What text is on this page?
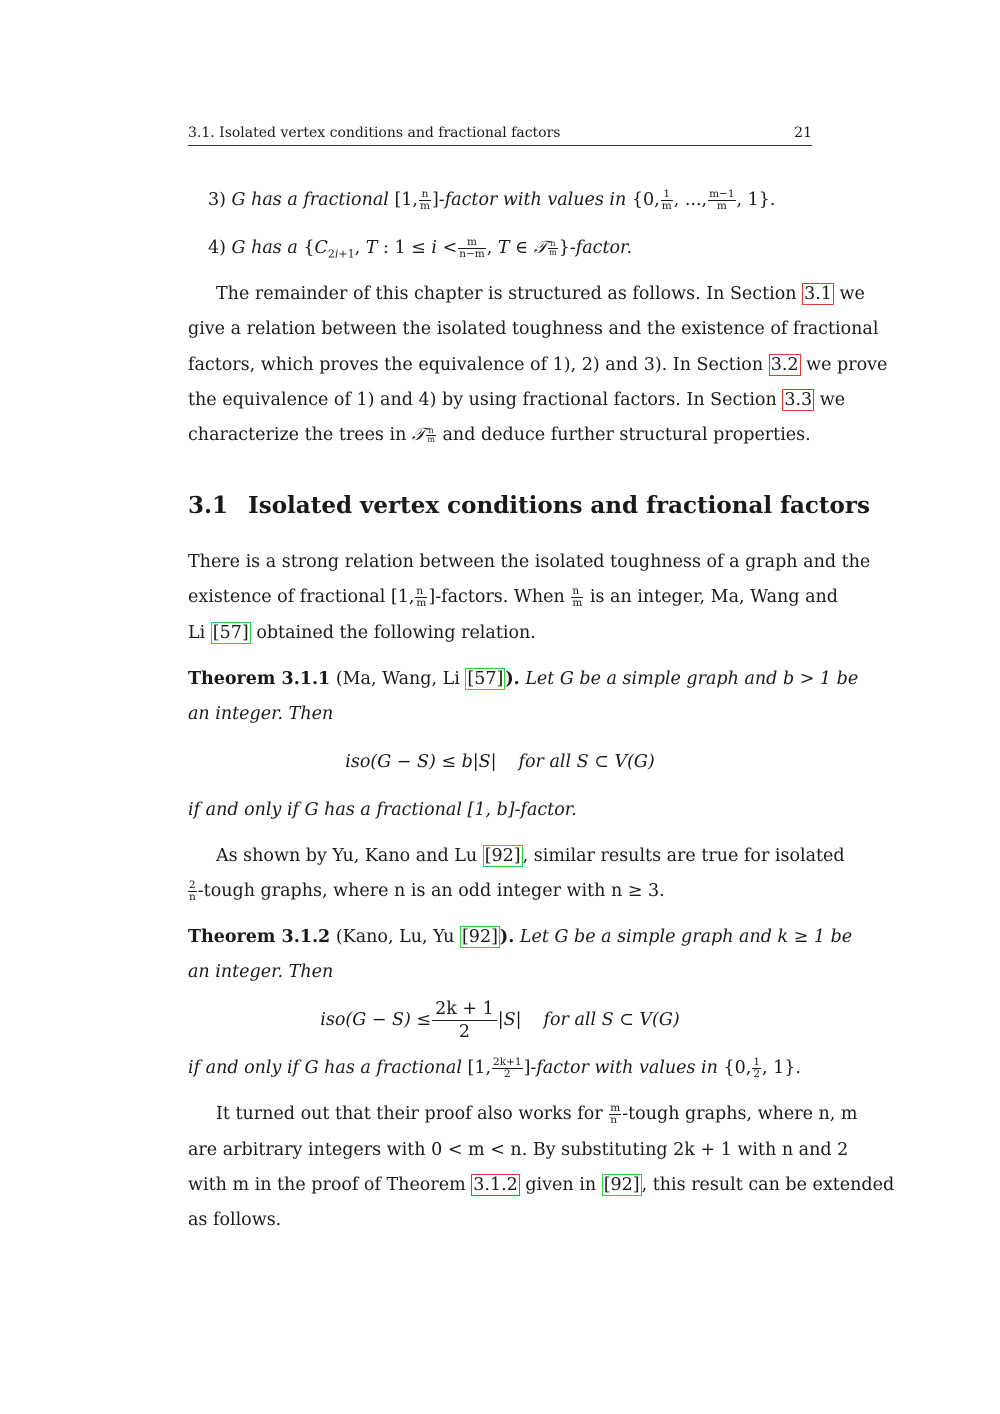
3.1. Isolated vertex conditions and fractional factors	21
3) G has a fractional [1, $\frac{n}{m}$ ]-factor with values in {0, $\frac{1}{m}$ , ..., $\frac{m-1}{m}$ , 1}.
4) G has a {$C_{2i+1}$, T : $1 \le i < \frac{m}{n-m}$ , T ∈ 𝒯 $\frac{n}{m}$ }-factor.
The remainder of this chapter is structured as follows. In Section 3.1 we
give a relation between the isolated toughness and the existence of fractional
factors, which proves the equivalence of 1), 2) and 3). In Section 3.2 we prove
the equivalence of 1) and 4) by using fractional factors. In Section 3.3 we
characterize the trees in 𝒯 $\frac{n}{m}$ and deduce further structural properties.
3.1 Isolated vertex conditions and fractional factors
There is a strong relation between the isolated toughness of a graph and the
existence of fractional [1, $\frac{n}{m}$ ]-factors. When $\frac{n}{m}$ is an integer, Ma, Wang and
Li [57] obtained the following relation.
Theorem 3.1.1 (Ma, Wang, Li [57] ). Let G be a simple graph and b > 1 be
an integer. Then
iso(G − S) ≤ b|S| for all S ⊂ V(G)
if and only if G has a fractional [1, b]-factor.
As shown by Yu, Kano and Lu [92] , similar results are true for isolated
$\frac{2}{n}$ -tough graphs, where n is an odd integer with n ≥ 3.
Theorem 3.1.2 (Kano, Lu, Yu [92] ). Let G be a simple graph and k ≥ 1 be
an integer. Then
$iso(G - S) \le \frac{2k + 1}{2} |S|$ for all S ⊂ V(G)
if and only if G has a fractional [1, $\frac{2k+1}{2}$ ]-factor with values in {0, $\frac{1}{2}$ , 1}.
It turned out that their proof also works for $\frac{m}{n}$ -tough graphs, where n, m
are arbitrary integers with 0 < m < n. By substituting 2k + 1 with n and 2
with m in the proof of Theorem 3.1.2 given in [92] , this result can be extended
as follows.
